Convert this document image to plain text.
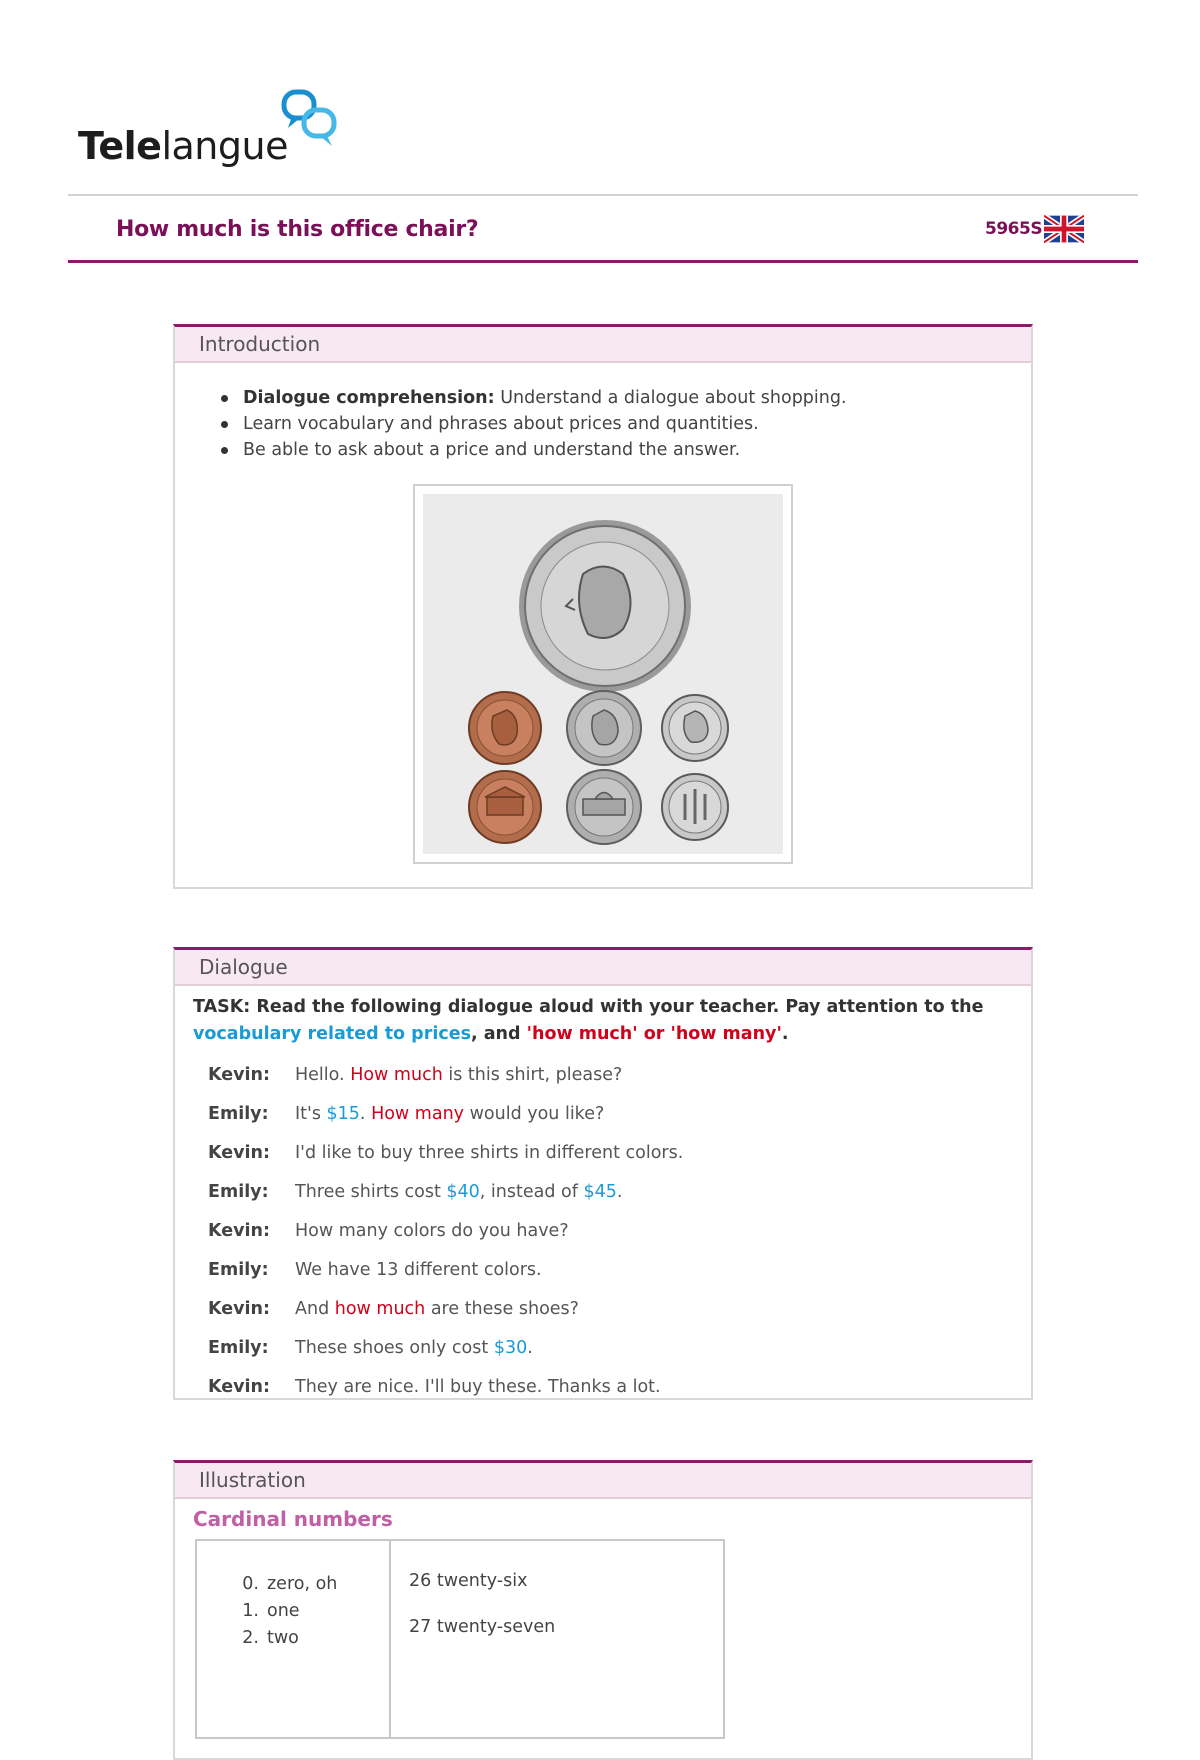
Telelangue
How much is this office chair?	5965S
Introduction
Dialogue comprehension: Understand a dialogue about shopping.
Learn vocabulary and phrases about prices and quantities.
Be able to ask about a price and understand the answer.
Dialogue
TASK: Read the following dialogue aloud with your teacher. Pay attention to the vocabulary related to prices, and 'how much' or 'how many'.
Kevin: Hello. How much is this shirt, please?
Emily: It's $15. How many would you like?
Kevin: I'd like to buy three shirts in different colors.
Emily: Three shirts cost $40, instead of $45.
Kevin: How many colors do you have?
Emily: We have 13 different colors.
Kevin: And how much are these shoes?
Emily: These shoes only cost $30.
Kevin: They are nice. I'll buy these. Thanks a lot.
Illustration
Cardinal numbers
0. zero, oh
1. one
2. two
26 twenty-six
27 twenty-seven
